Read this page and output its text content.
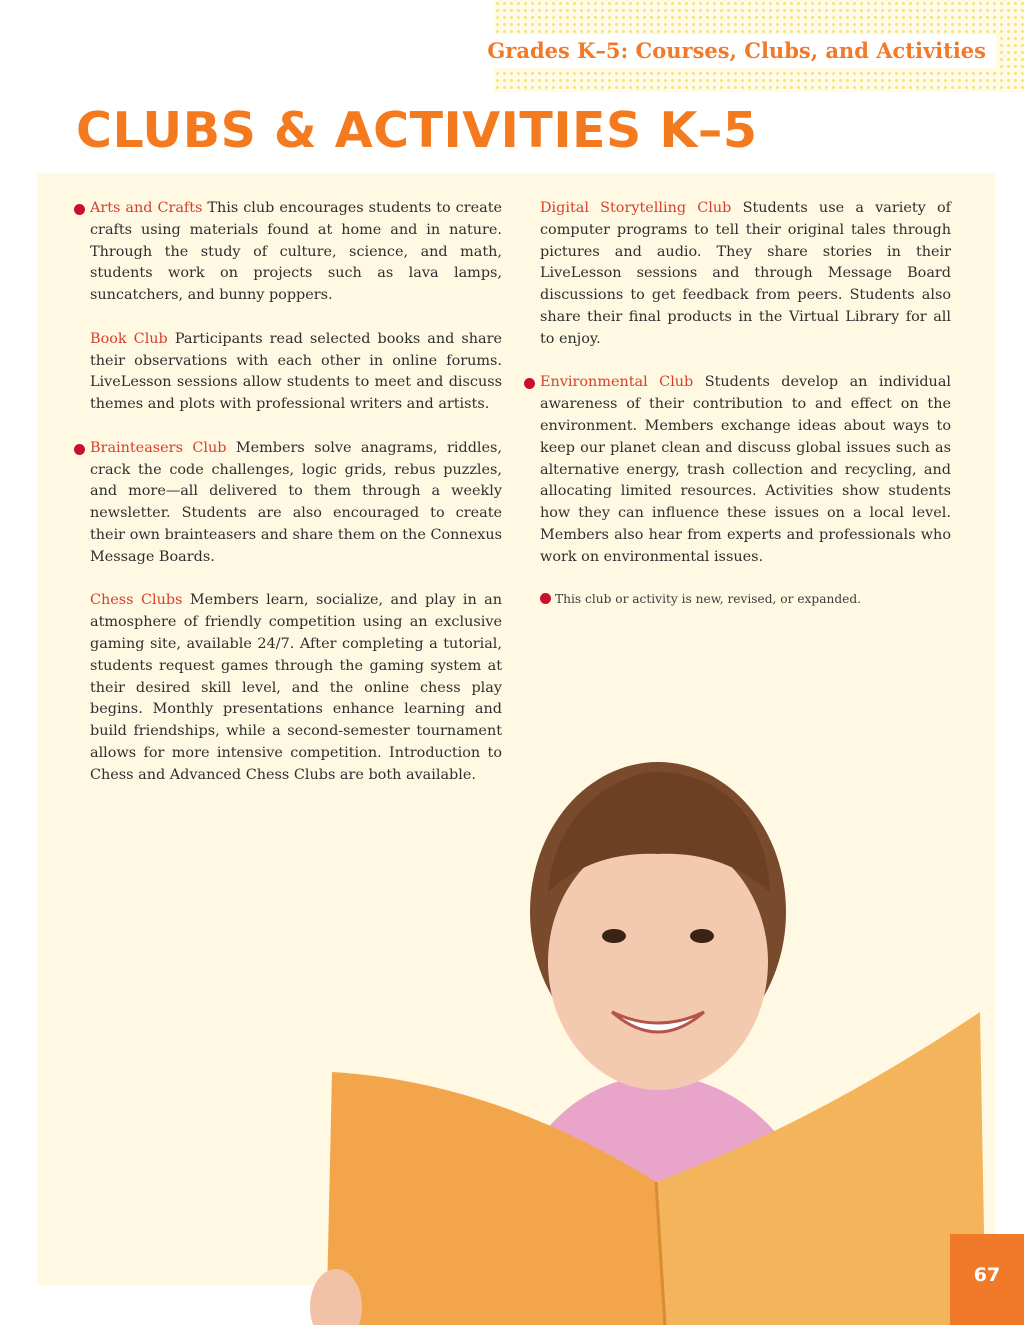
Grades K–5: Courses, Clubs, and Activities
CLUBS & ACTIVITIES K–5

Arts and Crafts This club encourages students to create crafts using materials found at home and in nature. Through the study of culture, science, and math, students work on projects such as lava lamps, suncatchers, and bunny poppers.

Book Club Participants read selected books and share their observations with each other in online forums. LiveLesson sessions allow students to meet and discuss themes and plots with professional writers and artists.

Brainteasers Club Members solve anagrams, riddles, crack the code challenges, logic grids, rebus puzzles, and more—all delivered to them through a weekly newsletter. Students are also encouraged to create their own brainteasers and share them on the Connexus Message Boards.

Chess Clubs Members learn, socialize, and play in an atmosphere of friendly competition using an exclusive gaming site, available 24/7. After completing a tutorial, students request games through the gaming system at their desired skill level, and the online chess play begins. Monthly presentations enhance learning and build friendships, while a second-semester tournament allows for more intensive competition. Introduction to Chess and Advanced Chess Clubs are both available.

Digital Storytelling Club Students use a variety of computer programs to tell their original tales through pictures and audio. They share stories in their LiveLesson sessions and through Message Board discussions to get feedback from peers. Students also share their final products in the Virtual Library for all to enjoy.

Environmental Club Students develop an individual awareness of their contribution to and effect on the environment. Members exchange ideas about ways to keep our planet clean and discuss global issues such as alternative energy, trash collection and recycling, and allocating limited resources. Activities show students how they can influence these issues on a local level. Members also hear from experts and professionals who work on environmental issues.

This club or activity is new, revised, or expanded.

67
